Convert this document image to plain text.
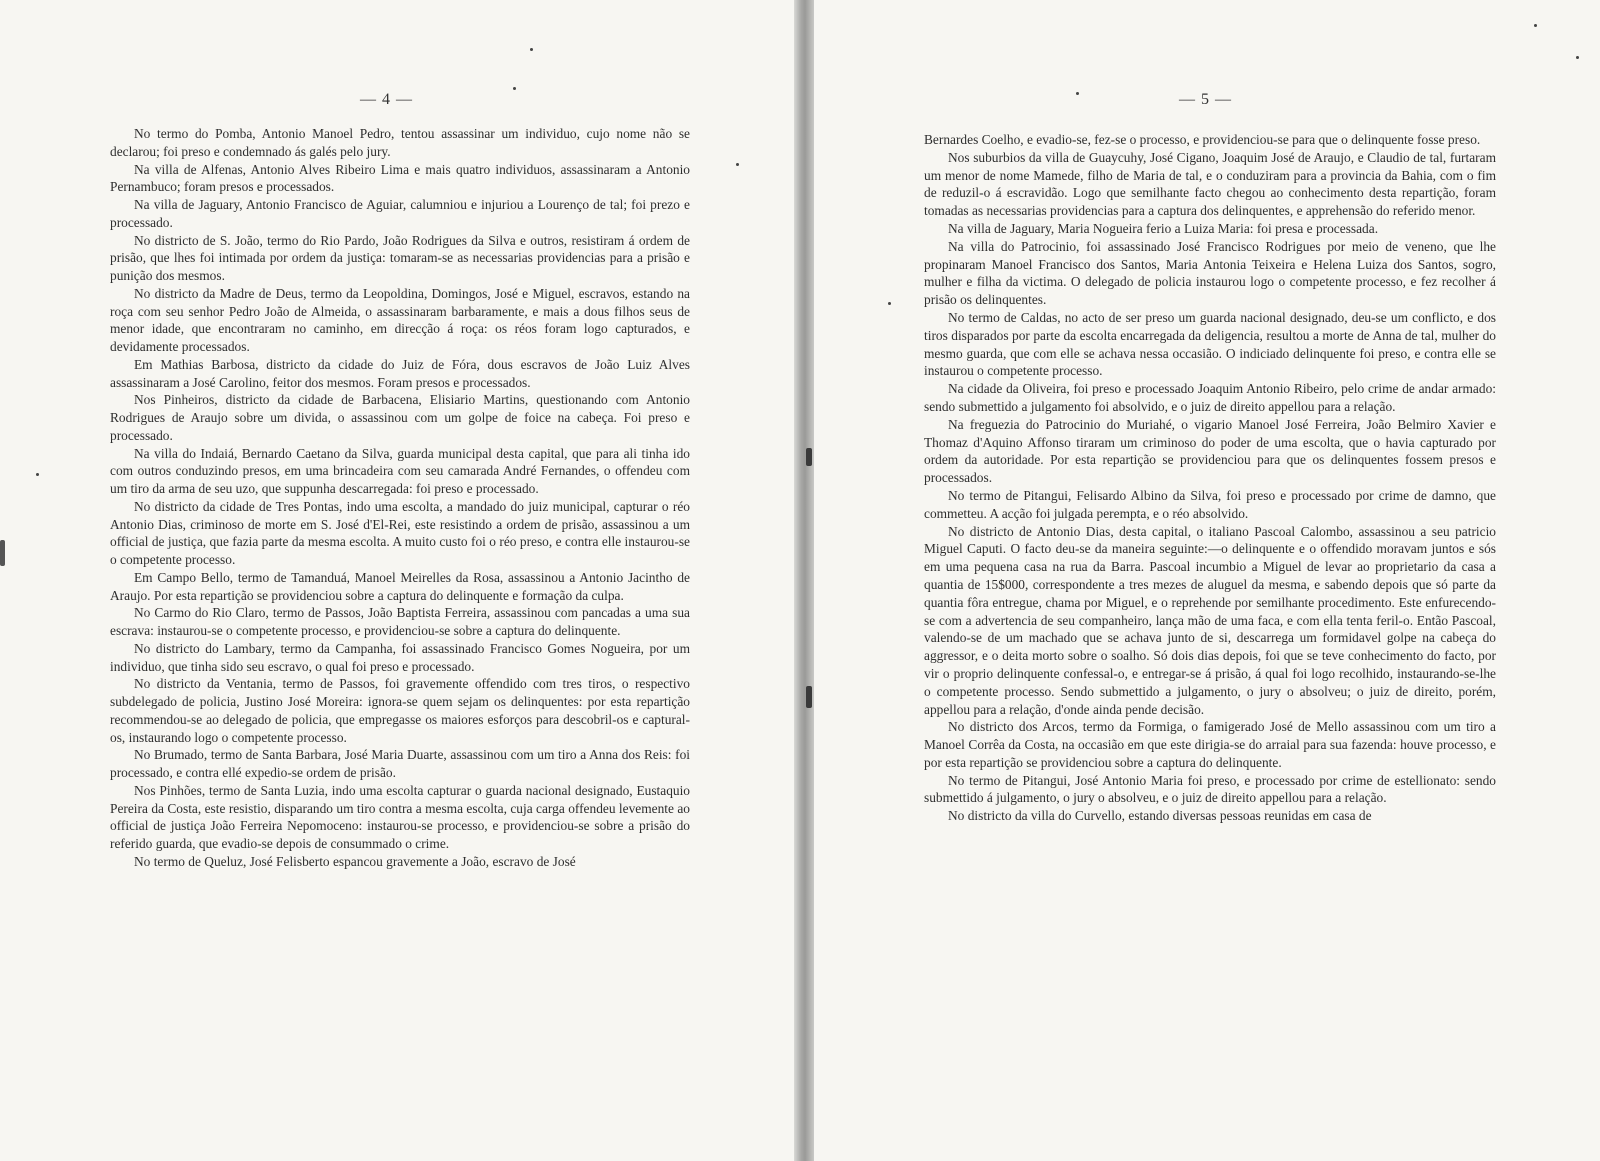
— 4 —

No termo do Pomba, Antonio Manoel Pedro, tentou assassinar um individuo, cujo nome não se declarou; foi preso e condemnado ás galés pelo jury.

Na villa de Alfenas, Antonio Alves Ribeiro Lima e mais quatro individuos, assassinaram a Antonio Pernambuco; foram presos e processados.

Na villa de Jaguary, Antonio Francisco de Aguiar, calumniou e injuriou a Lourenço de tal; foi prezo e processado.

No districto de S. João, termo do Rio Pardo, João Rodrigues da Silva e outros, resistiram á ordem de prisão, que lhes foi intimada por ordem da justiça: tomaram-se as necessarias providencias para a prisão e punição dos mesmos.

No districto da Madre de Deus, termo da Leopoldina, Domingos, José e Miguel, escravos, estando na roça com seu senhor Pedro João de Almeida, o assassinaram barbaramente, e mais a dous filhos seus de menor idade, que encontraram no caminho, em direcção á roça: os réos foram logo capturados, e devidamente processados.

Em Mathias Barbosa, districto da cidade do Juiz de Fóra, dous escravos de João Luiz Alves assassinaram a José Carolino, feitor dos mesmos. Foram presos e processados.

Nos Pinheiros, districto da cidade de Barbacena, Elisiario Martins, questionando com Antonio Rodrigues de Araujo sobre um divida, o assassinou com um golpe de foice na cabeça. Foi preso e processado.

Na villa do Indaiá, Bernardo Caetano da Silva, guarda municipal desta capital, que para ali tinha ido com outros conduzindo presos, em uma brincadeira com seu camarada André Fernandes, o offendeu com um tiro da arma de seu uzo, que suppunha descarregada: foi preso e processado.

No districto da cidade de Tres Pontas, indo uma escolta, a mandado do juiz municipal, capturar o réo Antonio Dias, criminoso de morte em S. José d'El-Rei, este resistindo a ordem de prisão, assassinou a um official de justiça, que fazia parte da mesma escolta. A muito custo foi o réo preso, e contra elle instaurou-se o competente processo.

Em Campo Bello, termo de Tamanduá, Manoel Meirelles da Rosa, assassinou a Antonio Jacintho de Araujo. Por esta repartição se providenciou sobre a captura do delinquente e formação da culpa.

No Carmo do Rio Claro, termo de Passos, João Baptista Ferreira, assassinou com pancadas a uma sua escrava: instaurou-se o competente processo, e providenciou-se sobre a captura do delinquente.

No districto do Lambary, termo da Campanha, foi assassinado Francisco Gomes Nogueira, por um individuo, que tinha sido seu escravo, o qual foi preso e processado.

No districto da Ventania, termo de Passos, foi gravemente offendido com tres tiros, o respectivo subdelegado de policia, Justino José Moreira: ignora-se quem sejam os delinquentes: por esta repartição recommendou-se ao delegado de policia, que empregasse os maiores esforços para descobril-os e captural-os, instaurando logo o competente processo.

No Brumado, termo de Santa Barbara, José Maria Duarte, assassinou com um tiro a Anna dos Reis: foi processado, e contra ellé expedio-se ordem de prisão.

Nos Pinhões, termo de Santa Luzia, indo uma escolta capturar o guarda nacional designado, Eustaquio Pereira da Costa, este resistio, disparando um tiro contra a mesma escolta, cuja carga offendeu levemente ao official de justiça João Ferreira Nepomoceno: instaurou-se processo, e providenciou-se sobre a prisão do referido guarda, que evadio-se depois de consummado o crime.

No termo de Queluz, José Felisberto espancou gravemente a João, escravo de José

— 5 —

Bernardes Coelho, e evadio-se, fez-se o processo, e providenciou-se para que o delinquente fosse preso.

Nos suburbios da villa de Guaycuhy, José Cigano, Joaquim José de Araujo, e Claudio de tal, furtaram um menor de nome Mamede, filho de Maria de tal, e o conduziram para a provincia da Bahia, com o fim de reduzil-o á escravidão. Logo que semilhante facto chegou ao conhecimento desta repartição, foram tomadas as necessarias providencias para a captura dos delinquentes, e apprehensão do referido menor.

Na villa de Jaguary, Maria Nogueira ferio a Luiza Maria: foi presa e processada.

Na villa do Patrocinio, foi assassinado José Francisco Rodrigues por meio de veneno, que lhe propinaram Manoel Francisco dos Santos, Maria Antonia Teixeira e Helena Luiza dos Santos, sogro, mulher e filha da victima. O delegado de policia instaurou logo o competente processo, e fez recolher á prisão os delinquentes.

No termo de Caldas, no acto de ser preso um guarda nacional designado, deu-se um conflicto, e dos tiros disparados por parte da escolta encarregada da deligencia, resultou a morte de Anna de tal, mulher do mesmo guarda, que com elle se achava nessa occasião. O indiciado delinquente foi preso, e contra elle se instaurou o competente processo.

Na cidade da Oliveira, foi preso e processado Joaquim Antonio Ribeiro, pelo crime de andar armado: sendo submettido a julgamento foi absolvido, e o juiz de direito appellou para a relação.

Na freguezia do Patrocinio do Muriahé, o vigario Manoel José Ferreira, João Belmiro Xavier e Thomaz d'Aquino Affonso tiraram um criminoso do poder de uma escolta, que o havia capturado por ordem da autoridade. Por esta repartição se providenciou para que os delinquentes fossem presos e processados.

No termo de Pitangui, Felisardo Albino da Silva, foi preso e processado por crime de damno, que commetteu. A acção foi julgada perempta, e o réo absolvido.

No districto de Antonio Dias, desta capital, o italiano Pascoal Calombo, assassinou a seu patricio Miguel Caputi. O facto deu-se da maneira seguinte:—o delinquente e o offendido moravam juntos e sós em uma pequena casa na rua da Barra. Pascoal incumbio a Miguel de levar ao proprietario da casa a quantia de 15$000, correspondente a tres mezes de aluguel da mesma, e sabendo depois que só parte da quantia fôra entregue, chama por Miguel, e o reprehende por semilhante procedimento. Este enfurecendo-se com a advertencia de seu companheiro, lança mão de uma faca, e com ella tenta feril-o. Então Pascoal, valendo-se de um machado que se achava junto de si, descarrega um formidavel golpe na cabeça do aggressor, e o deita morto sobre o soalho. Só dois dias depois, foi que se teve conhecimento do facto, por vir o proprio delinquente confessal-o, e entregar-se á prisão, á qual foi logo recolhido, instaurando-se-lhe o competente processo. Sendo submettido a julgamento, o jury o absolveu; o juiz de direito, porém, appellou para a relação, d'onde ainda pende decisão.

No districto dos Arcos, termo da Formiga, o famigerado José de Mello assassinou com um tiro a Manoel Corrêa da Costa, na occasião em que este dirigia-se do arraial para sua fazenda: houve processo, e por esta repartição se providenciou sobre a captura do delinquente.

No termo de Pitangui, José Antonio Maria foi preso, e processado por crime de estellionato: sendo submettido á julgamento, o jury o absolveu, e o juiz de direito appellou para a relação.

No districto da villa do Curvello, estando diversas pessoas reunidas em casa de
